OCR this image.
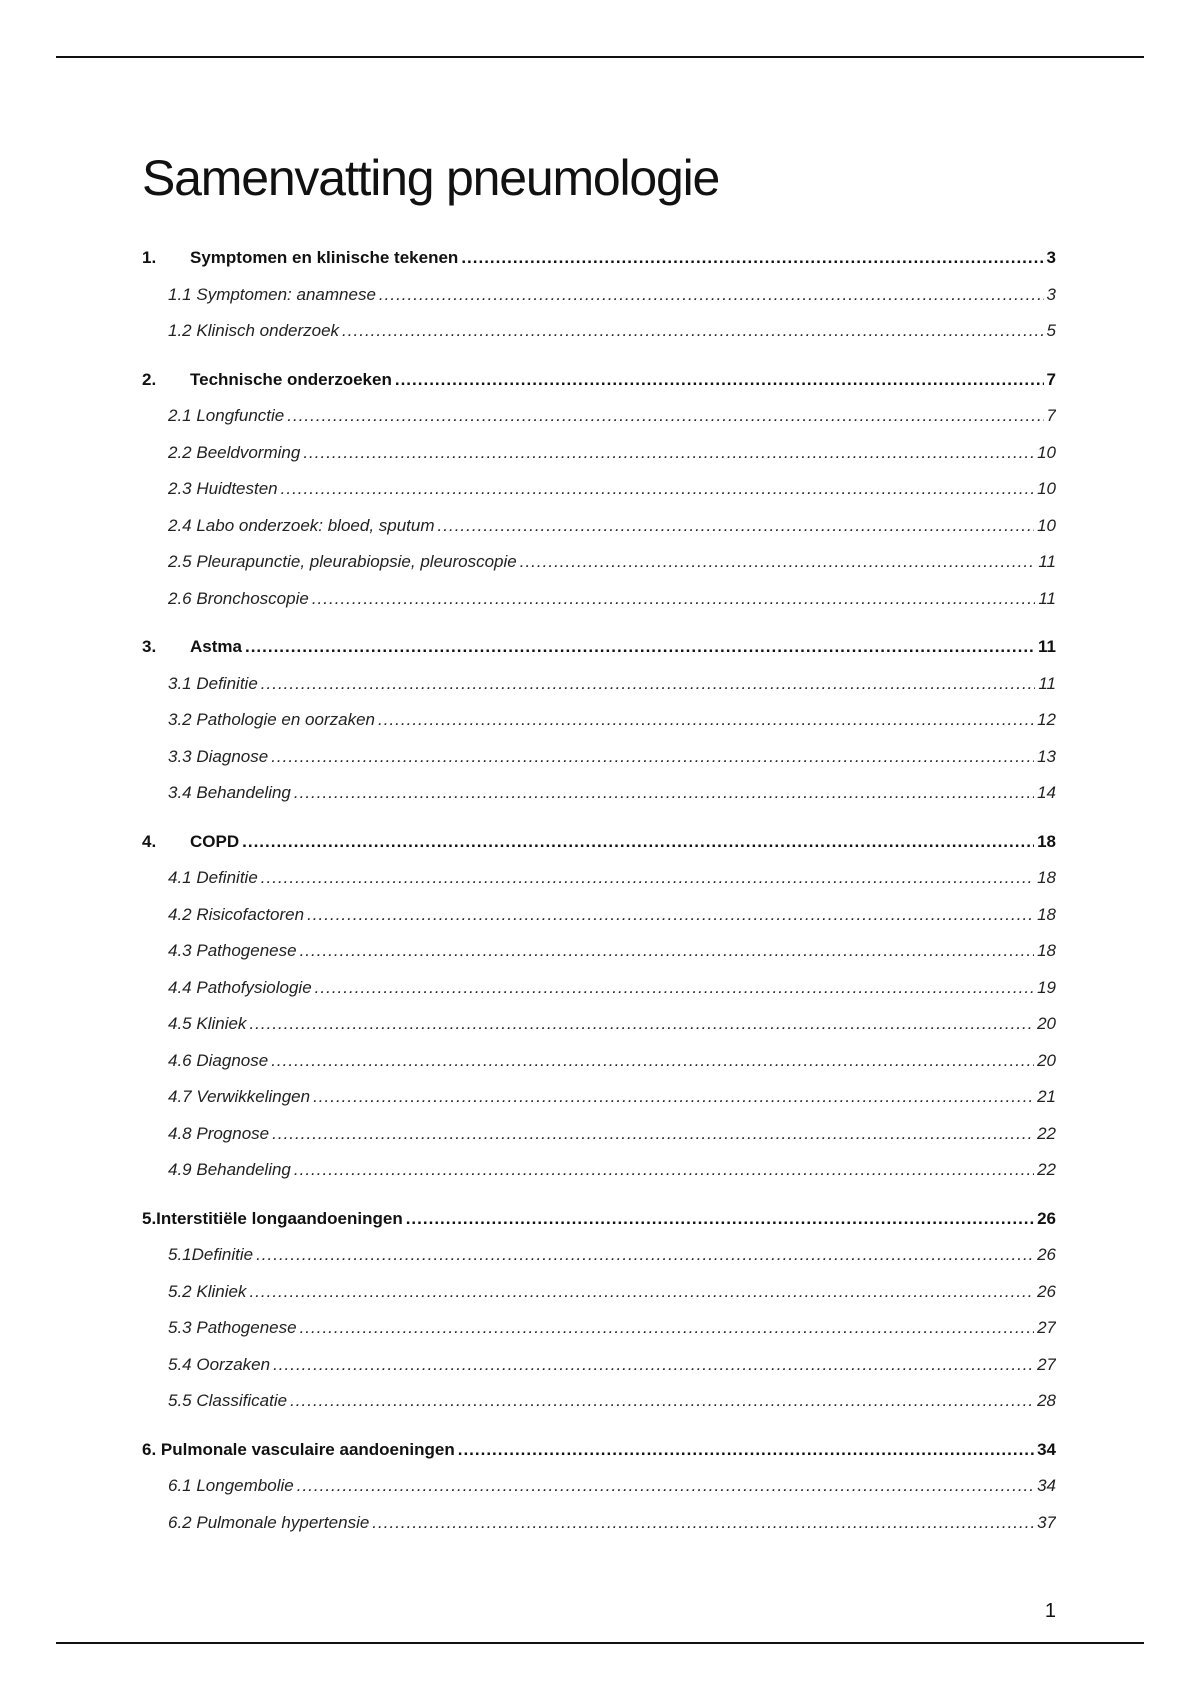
Samenvatting pneumologie
1.	Symptomen en klinische tekenen .....	3
1.1 Symptomen: anamnese .....	3
1.2 Klinisch onderzoek .....	5
2.	Technische onderzoeken .....	7
2.1 Longfunctie .....	7
2.2 Beeldvorming .....	10
2.3 Huidtesten .....	10
2.4 Labo onderzoek: bloed, sputum .....	10
2.5 Pleurapunctie, pleurabiopsie, pleuroscopie .....	11
2.6 Bronchoscopie .....	11
3.	Astma .....	11
3.1 Definitie .....	11
3.2 Pathologie en oorzaken .....	12
3.3 Diagnose .....	13
3.4 Behandeling .....	14
4.	COPD .....	18
4.1 Definitie .....	18
4.2 Risicofactoren .....	18
4.3 Pathogenese .....	18
4.4 Pathofysiologie .....	19
4.5 Kliniek .....	20
4.6 Diagnose .....	20
4.7 Verwikkelingen .....	21
4.8 Prognose .....	22
4.9 Behandeling .....	22
5.Interstitiële longaandoeningen .....	26
5.1Definitie .....	26
5.2 Kliniek .....	26
5.3 Pathogenese .....	27
5.4 Oorzaken .....	27
5.5 Classificatie .....	28
6. Pulmonale vasculaire aandoeningen .....	34
6.1 Longembolie .....	34
6.2 Pulmonale hypertensie .....	37
1
